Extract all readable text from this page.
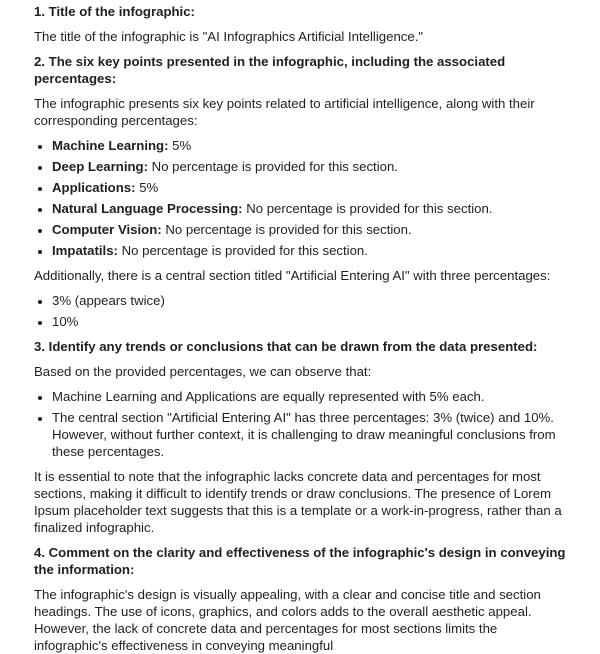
1. Title of the infographic:
The title of the infographic is "AI Infographics Artificial Intelligence."
2. The six key points presented in the infographic, including the associated percentages:
The infographic presents six key points related to artificial intelligence, along with their corresponding percentages:
• Machine Learning: 5%
• Deep Learning: No percentage is provided for this section.
• Applications: 5%
• Natural Language Processing: No percentage is provided for this section.
• Computer Vision: No percentage is provided for this section.
• Impatatils: No percentage is provided for this section.
Additionally, there is a central section titled "Artificial Entering AI" with three percentages:
• 3% (appears twice)
• 10%
3. Identify any trends or conclusions that can be drawn from the data presented:
Based on the provided percentages, we can observe that:
• Machine Learning and Applications are equally represented with 5% each.
• The central section "Artificial Entering AI" has three percentages: 3% (twice) and 10%. However, without further context, it is challenging to draw meaningful conclusions from these percentages.
It is essential to note that the infographic lacks concrete data and percentages for most sections, making it difficult to identify trends or draw conclusions. The presence of Lorem Ipsum placeholder text suggests that this is a template or a work-in-progress, rather than a finalized infographic.
4. Comment on the clarity and effectiveness of the infographic's design in conveying the information:
The infographic's design is visually appealing, with a clear and concise title and section headings. The use of icons, graphics, and colors adds to the overall aesthetic appeal. However, the lack of concrete data and percentages for most sections limits the infographic's effectiveness in conveying meaningful
